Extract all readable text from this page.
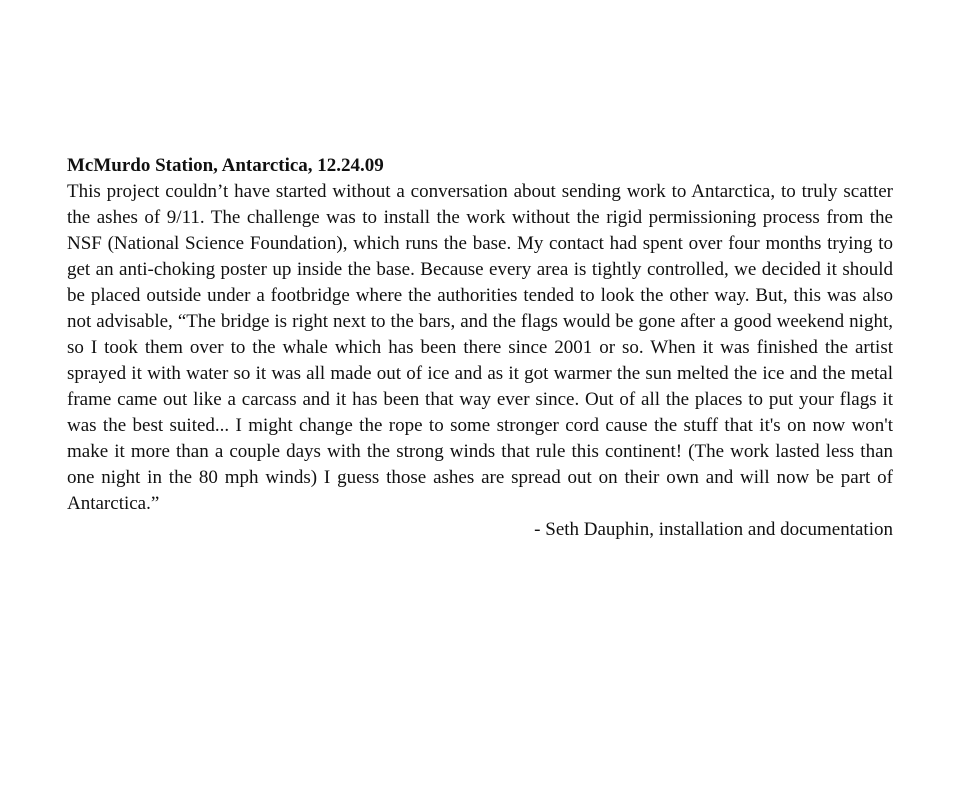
McMurdo Station, Antarctica, 12.24.09

This project couldn’t have started without a conversation about sending work to Antarctica, to truly scatter the ashes of 9/11. The challenge was to install the work without the rigid permissioning process from the NSF (National Science Foundation), which runs the base. My contact had spent over four months trying to get an anti-choking poster up inside the base. Because every area is tightly controlled, we decided it should be placed outside under a footbridge where the authorities tended to look the other way. But, this was also not advisable, “The bridge is right next to the bars, and the flags would be gone after a good weekend night, so I took them over to the whale which has been there since 2001 or so. When it was finished the artist sprayed it with water so it was all made out of ice and as it got warmer the sun melted the ice and the metal frame came out like a carcass and it has been that way ever since. Out of all the places to put your flags it was the best suited... I might change the rope to some stronger cord cause the stuff that it's on now won't make it more than a couple days with the strong winds that rule this continent! (The work lasted less than one night in the 80 mph winds) I guess those ashes are spread out on their own and will now be part of Antarctica.”

- Seth Dauphin, installation and documentation
